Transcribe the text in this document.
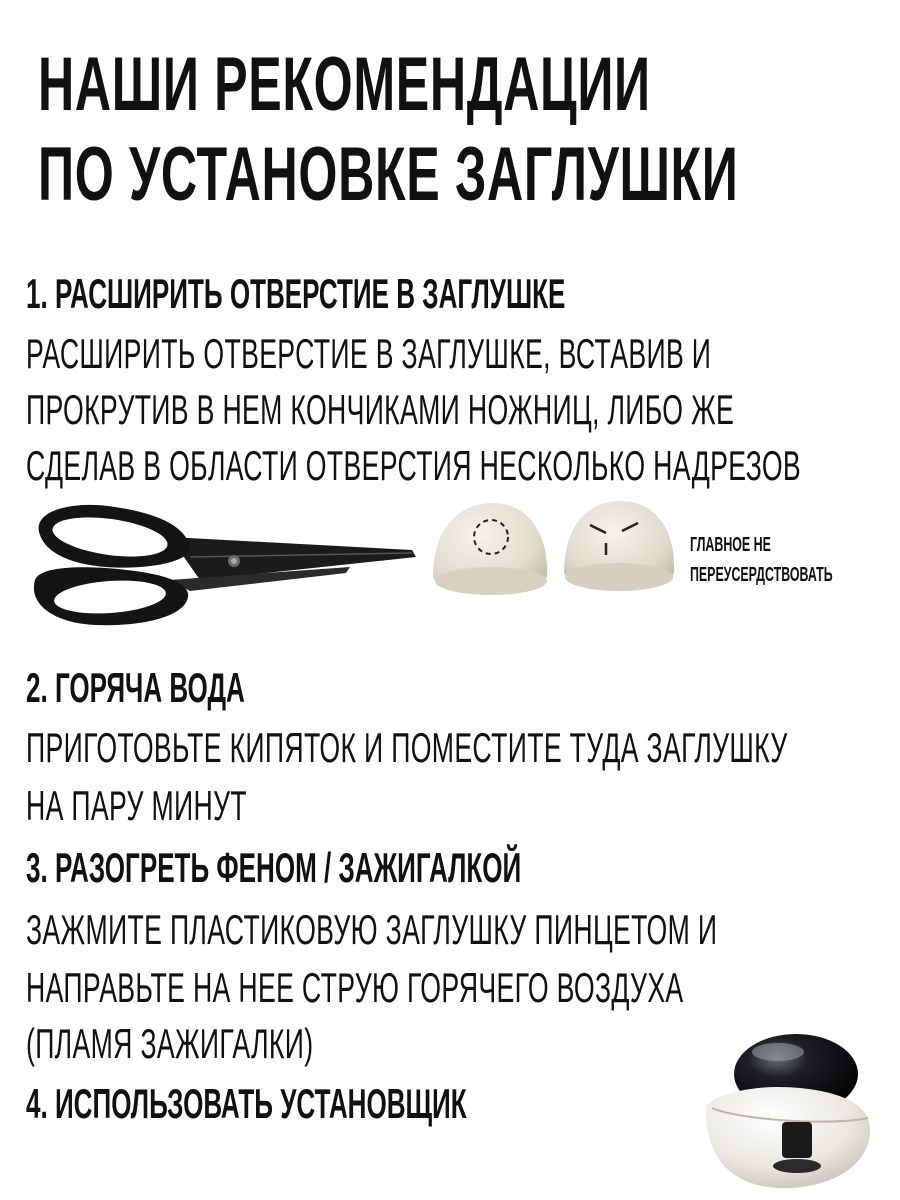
НАШИ РЕКОМЕНДАЦИИ
ПО УСТАНОВКЕ ЗАГЛУШКИ
1. РАСШИРИТЬ ОТВЕРСТИЕ В ЗАГЛУШКЕ
РАСШИРИТЬ ОТВЕРСТИЕ В ЗАГЛУШКЕ, ВСТАВИВ И
ПРОКРУТИВ В НЕМ КОНЧИКАМИ НОЖНИЦ, ЛИБО ЖЕ
СДЕЛАВ В ОБЛАСТИ ОТВЕРСТИЯ НЕСКОЛЬКО НАДРЕЗОВ
ГЛАВНОЕ НЕ
ПЕРЕУСЕРДСТВОВАТЬ
2. ГОРЯЧА ВОДА
ПРИГОТОВЬТЕ КИПЯТОК И ПОМЕСТИТЕ ТУДА ЗАГЛУШКУ
НА ПАРУ МИНУТ
3. РАЗОГРЕТЬ ФЕНОМ / ЗАЖИГАЛКОЙ
ЗАЖМИТЕ ПЛАСТИКОВУЮ ЗАГЛУШКУ ПИНЦЕТОМ И
НАПРАВЬТЕ НА НЕЕ СТРУЮ ГОРЯЧЕГО ВОЗДУХА
(ПЛАМЯ ЗАЖИГАЛКИ)
4. ИСПОЛЬЗОВАТЬ УСТАНОВЩИК
